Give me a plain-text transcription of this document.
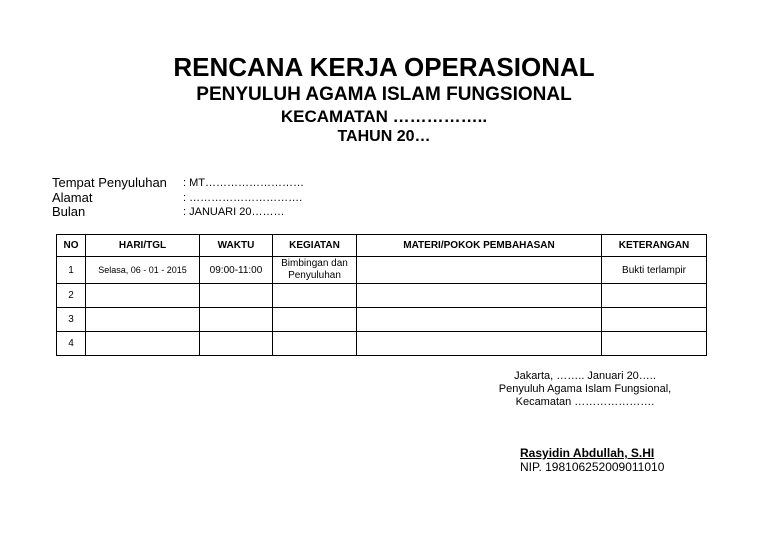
RENCANA KERJA OPERASIONAL
PENYULUH AGAMA ISLAM FUNGSIONAL
KECAMATAN ……………..
TAHUN 20…
Tempat Penyuluhan : MT………………………
Alamat	: ………………………….
Bulan	: JANUARI 20………
NO	HARI/TGL	WAKTU	KEGIATAN	MATERI/POKOK PEMBAHASAN	KETERANGAN
1	Selasa, 06 - 01 - 2015	09:00-11:00	Bimbingan dan Penyuluhan		Bukti terlampir
2					
3					
4					
Jakarta, …….. Januari 20…..
Penyuluh Agama Islam Fungsional,
Kecamatan ………………….
Rasyidin Abdullah, S.HI
NIP. 198106252009011010
